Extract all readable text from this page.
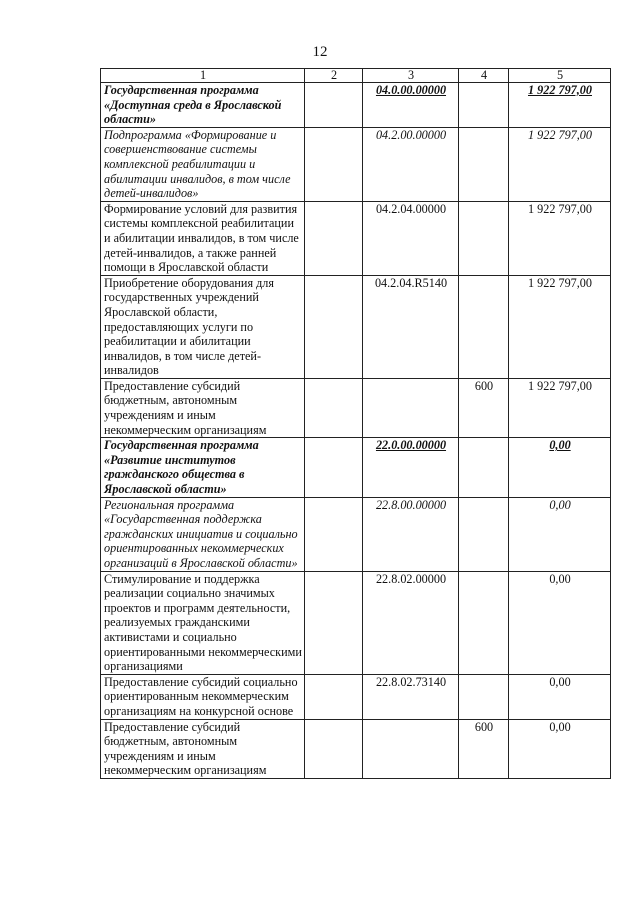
12
1	2	3	4	5
Государственная программа «Доступная среда в Ярославской области»		04.0.00.00000		1 922 797,00
Подпрограмма «Формирование и совершенствование системы комплексной реабилитации и абилитации инвалидов, в том числе детей-инвалидов»		04.2.00.00000		1 922 797,00
Формирование условий для развития системы комплексной реабилитации и абилитации инвалидов, в том числе детей-инвалидов, а также ранней помощи в Ярославской области		04.2.04.00000		1 922 797,00
Приобретение оборудования для государственных учреждений Ярославской области, предоставляющих услуги по реабилитации и абилитации инвалидов, в том числе детей-инвалидов		04.2.04.R5140		1 922 797,00
Предоставление субсидий бюджетным, автономным учреждениям и иным некоммерческим организациям			600	1 922 797,00
Государственная программа «Развитие институтов гражданского общества в Ярославской области»		22.0.00.00000		0,00
Региональная программа «Государственная поддержка гражданских инициатив и социально ориентированных некоммерческих организаций в Ярославской области»		22.8.00.00000		0,00
Стимулирование и поддержка реализации социально значимых проектов и программ деятельности, реализуемых гражданскими активистами и социально ориентированными некоммерческими организациями		22.8.02.00000		0,00
Предоставление субсидий социально ориентированным некоммерческим организациям на конкурсной основе		22.8.02.73140		0,00
Предоставление субсидий бюджетным, автономным учреждениям и иным некоммерческим организациям			600	0,00
